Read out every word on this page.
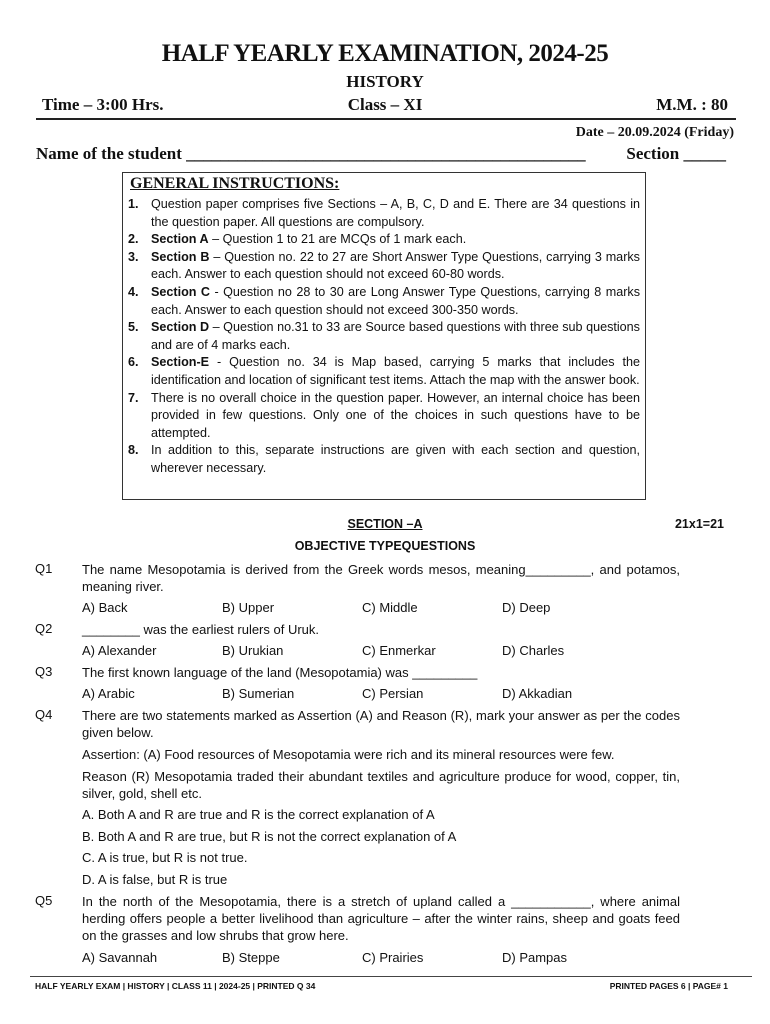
HALF YEARLY EXAMINATION, 2024-25
HISTORY
Time – 3:00 Hrs.	Class – XI	M.M. : 80
Date – 20.09.2024 (Friday)
Name of the student _______________________________________________ Section _____
GENERAL INSTRUCTIONS:
1. Question paper comprises five Sections – A, B, C, D and E. There are 34 questions in the question paper. All questions are compulsory.
2. Section A – Question 1 to 21 are MCQs of 1 mark each.
3. Section B – Question no. 22 to 27 are Short Answer Type Questions, carrying 3 marks each. Answer to each question should not exceed 60-80 words.
4. Section C - Question no 28 to 30 are Long Answer Type Questions, carrying 8 marks each. Answer to each question should not exceed 300-350 words.
5. Section D – Question no.31 to 33 are Source based questions with three sub questions and are of 4 marks each.
6. Section-E - Question no. 34 is Map based, carrying 5 marks that includes the identification and location of significant test items. Attach the map with the answer book.
7. There is no overall choice in the question paper. However, an internal choice has been provided in few questions. Only one of the choices in such questions have to be attempted.
8. In addition to this, separate instructions are given with each section and question, wherever necessary.
SECTION –A	21x1=21
OBJECTIVE TYPEQUESTIONS
Q1 The name Mesopotamia is derived from the Greek words mesos, meaning_________, and potamos, meaning river.
A) Back	B) Upper	C) Middle	D) Deep
Q2 ________ was the earliest rulers of Uruk.
A) Alexander	B) Urukian	C) Enmerkar	D) Charles
Q3 The first known language of the land (Mesopotamia) was _________
A) Arabic	B) Sumerian	C) Persian	D) Akkadian
Q4 There are two statements marked as Assertion (A) and Reason (R), mark your answer as per the codes given below.
Assertion: (A) Food resources of Mesopotamia were rich and its mineral resources were few.
Reason (R) Mesopotamia traded their abundant textiles and agriculture produce for wood, copper, tin, silver, gold, shell etc.
A. Both A and R are true and R is the correct explanation of A
B. Both A and R are true, but R is not the correct explanation of A
C. A is true, but R is not true.
D. A is false, but R is true
Q5 In the north of the Mesopotamia, there is a stretch of upland called a ___________, where animal herding offers people a better livelihood than agriculture – after the winter rains, sheep and goats feed on the grasses and low shrubs that grow here.
A) Savannah	B) Steppe	C) Prairies	D) Pampas
HALF YEARLY EXAM | HISTORY | CLASS 11 | 2024-25 | PRINTED Q 34	PRINTED PAGES 6 | PAGE# 1
